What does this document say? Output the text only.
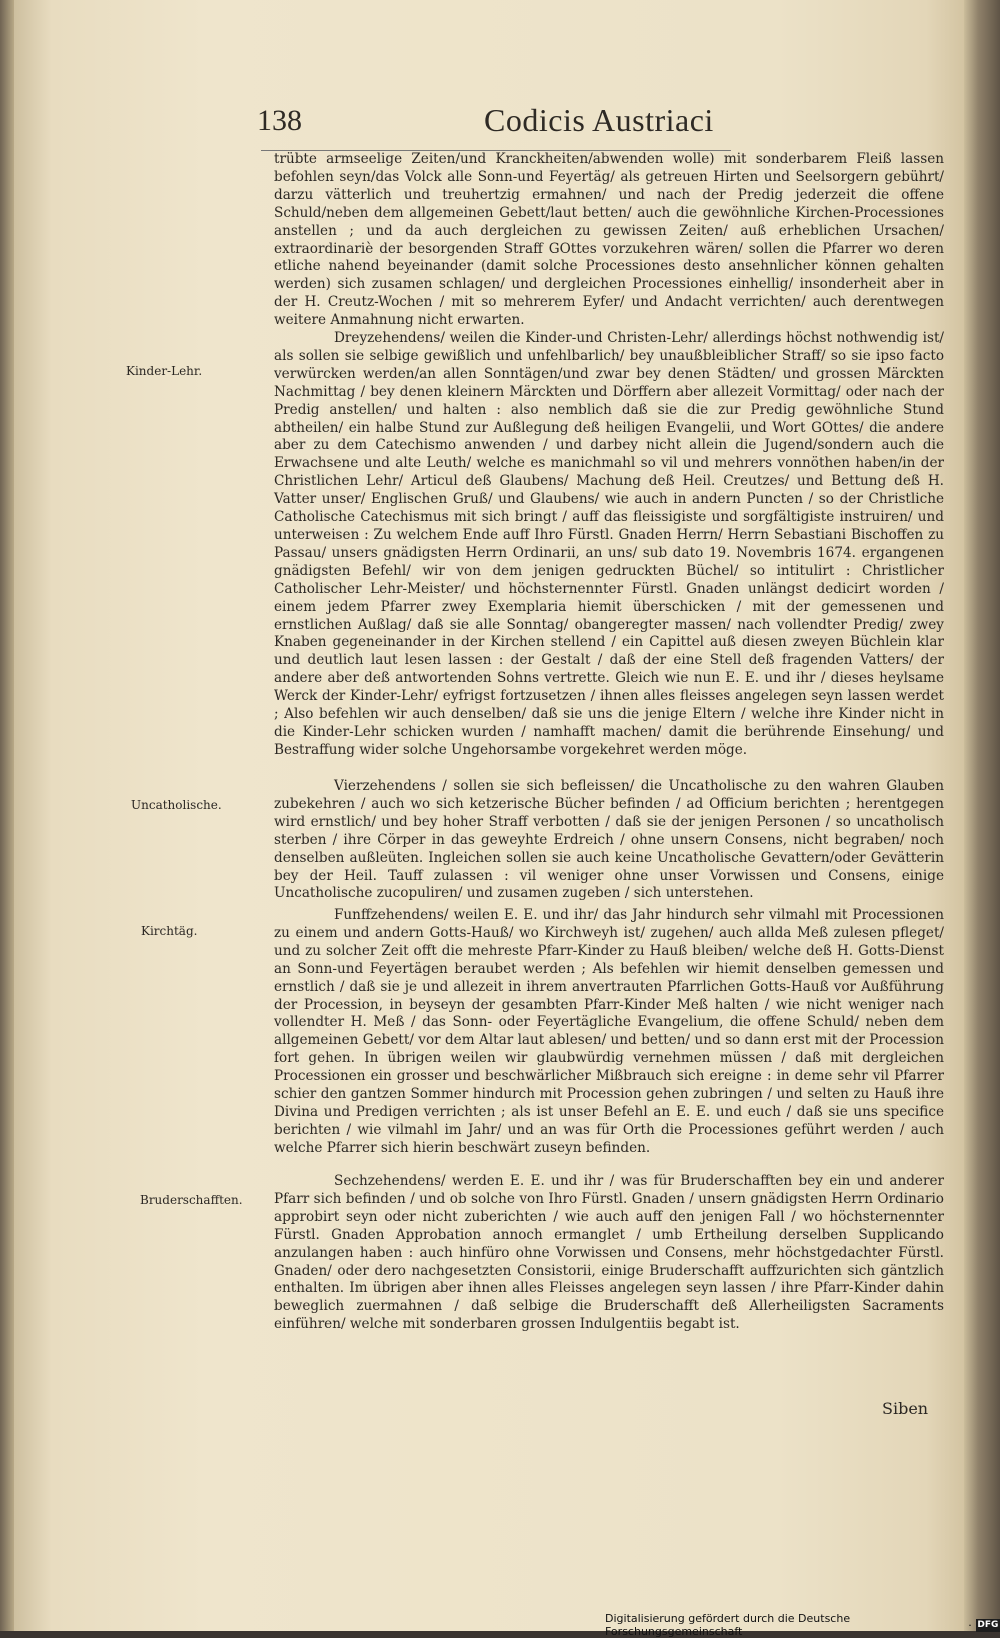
138	Codicis Austriaci
trübte armseelige Zeiten/und Kranckheiten/abwenden wolle) mit sonderbarem Fleiß lassen befohlen seyn/das Volck alle Sonn-und Feyertäg/ als getreuen Hirten und Seelsorgern gebührt/ darzu vätterlich und treuhertzig ermahnen/ und nach der Predig jederzeit die offene Schuld/neben dem allgemeinen Gebett/laut betten/ auch die gewöhnliche Kirchen-Processiones anstellen ; und da auch dergleichen zu gewissen Zeiten/ auß erheblichen Ursachen/ extraordinariè der besorgenden Straff GOttes vorzukehren wären/ sollen die Pfarrer wo deren etliche nahend beyeinander (damit solche Processiones desto ansehnlicher können gehalten werden) sich zusamen schlagen/ und dergleichen Processiones einhellig/ insonderheit aber in der H. Creutz-Wochen / mit so mehrerem Eyfer/ und Andacht verrichten/ auch derentwegen weitere Anmahnung nicht erwarten.
Dreyzehendens/ weilen die Kinder-und Christen-Lehr/ allerdings höchst nothwendig ist/ als sollen sie selbige gewißlich und unfehlbarlich/ bey unaußbleiblicher Straff/ so sie ipso facto verwürcken werden/an allen Sonntägen/und zwar bey denen Städten/ und grossen Märckten Nachmittag / bey denen kleinern Märckten und Dörffern aber allezeit Vormittag/ oder nach der Predig anstellen/ und halten : also nemblich daß sie die zur Predig gewöhnliche Stund abtheilen/ ein halbe Stund zur Außlegung deß heiligen Evangelii, und Wort GOttes/ die andere aber zu dem Catechismo anwenden / und darbey nicht allein die Jugend/sondern auch die Erwachsene und alte Leuth/ welche es manichmahl so vil und mehrers vonnöthen haben/in der Christlichen Lehr/ Articul deß Glaubens/ Machung deß Heil. Creutzes/ und Bettung deß H. Vatter unser/ Englischen Gruß/ und Glaubens/ wie auch in andern Puncten / so der Christliche Catholische Catechismus mit sich bringt / auff das fleissigiste und sorgfältigiste instruiren/ und unterweisen : Zu welchem Ende auff Ihro Fürstl. Gnaden Herrn/ Herrn Sebastiani Bischoffen zu Passau/ unsers gnädigsten Herrn Ordinarii, an uns/ sub dato 19. Novembris 1674. ergangenen gnädigsten Befehl/ wir von dem jenigen gedruckten Büchel/ so intitulirt : Christlicher Catholischer Lehr-Meister/ und höchsternennter Fürstl. Gnaden unlängst dedicirt worden / einem jedem Pfarrer zwey Exemplaria hiemit überschicken / mit der gemessenen und ernstlichen Außlag/ daß sie alle Sonntag/ obangeregter massen/ nach vollendter Predig/ zwey Knaben gegeneinander in der Kirchen stellend / ein Capittel auß diesen zweyen Büchlein klar und deutlich laut lesen lassen : der Gestalt / daß der eine Stell deß fragenden Vatters/ der andere aber deß antwortenden Sohns vertrette. Gleich wie nun E. E. und ihr / dieses heylsame Werck der Kinder-Lehr/ eyfrigst fortzusetzen / ihnen alles fleisses angelegen seyn lassen werdet ; Also befehlen wir auch denselben/ daß sie uns die jenige Eltern / welche ihre Kinder nicht in die Kinder-Lehr schicken wurden / namhafft machen/ damit die berührende Einsehung/ und Bestraffung wider solche Ungehorsambe vorgekehret werden möge.
Vierzehendens / sollen sie sich befleissen/ die Uncatholische zu den wahren Glauben zubekehren / auch wo sich ketzerische Bücher befinden / ad Officium berichten ; herentgegen wird ernstlich/ und bey hoher Straff verbotten / daß sie der jenigen Personen / so uncatholisch sterben / ihre Cörper in das geweyhte Erdreich / ohne unsern Consens, nicht begraben/ noch denselben außleüten. Ingleichen sollen sie auch keine Uncatholische Gevattern/oder Gevätterin bey der Heil. Tauff zulassen : vil weniger ohne unser Vorwissen und Consens, einige Uncatholische zucopuliren/ und zusamen zugeben / sich unterstehen.
Funffzehendens/ weilen E. E. und ihr/ das Jahr hindurch sehr vilmahl mit Processionen zu einem und andern Gotts-Hauß/ wo Kirchweyh ist/ zugehen/ auch allda Meß zulesen pfleget/ und zu solcher Zeit offt die mehreste Pfarr-Kinder zu Hauß bleiben/ welche deß H. Gotts-Dienst an Sonn-und Feyertägen beraubet werden ; Als befehlen wir hiemit denselben gemessen und ernstlich / daß sie je und allezeit in ihrem anvertrauten Pfarrlichen Gotts-Hauß vor Außführung der Procession, in beyseyn der gesambten Pfarr-Kinder Meß halten / wie nicht weniger nach vollendter H. Meß / das Sonn- oder Feyertägliche Evangelium, die offene Schuld/ neben dem allgemeinen Gebett/ vor dem Altar laut ablesen/ und betten/ und so dann erst mit der Procession fort gehen. In übrigen weilen wir glaubwürdig vernehmen müssen / daß mit dergleichen Processionen ein grosser und beschwärlicher Mißbrauch sich ereigne : in deme sehr vil Pfarrer schier den gantzen Sommer hindurch mit Procession gehen zubringen / und selten zu Hauß ihre Divina und Predigen verrichten ; als ist unser Befehl an E. E. und euch / daß sie uns specifice berichten / wie vilmahl im Jahr/ und an was für Orth die Processiones geführt werden / auch welche Pfarrer sich hierin beschwärt zuseyn befinden.
Sechzehendens/ werden E. E. und ihr / was für Bruderschafften bey ein und anderer Pfarr sich befinden / und ob solche von Ihro Fürstl. Gnaden / unsern gnädigsten Herrn Ordinario approbirt seyn oder nicht zuberichten / wie auch auff den jenigen Fall / wo höchsternennter Fürstl. Gnaden Approbation annoch ermanglet / umb Ertheilung derselben Supplicando anzulangen haben : auch hinfüro ohne Vorwissen und Consens, mehr höchstgedachter Fürstl. Gnaden/ oder dero nachgesetzten Consistorii, einige Bruderschafft auffzurichten sich gäntzlich enthalten. Im übrigen aber ihnen alles Fleisses angelegen seyn lassen / ihre Pfarr-Kinder dahin beweglich zuermahnen / daß selbige die Bruderschafft deß Allerheiligsten Sacraments einführen/ welche mit sonderbaren grossen Indulgentiis begabt ist.
Kinder-Lehr.
Uncatholische.
Kirchtäg.
Bruderschafften.
Siben
Digitalisierung gefördert durch die Deutsche Forschungsgemeinschaft	· DFG
